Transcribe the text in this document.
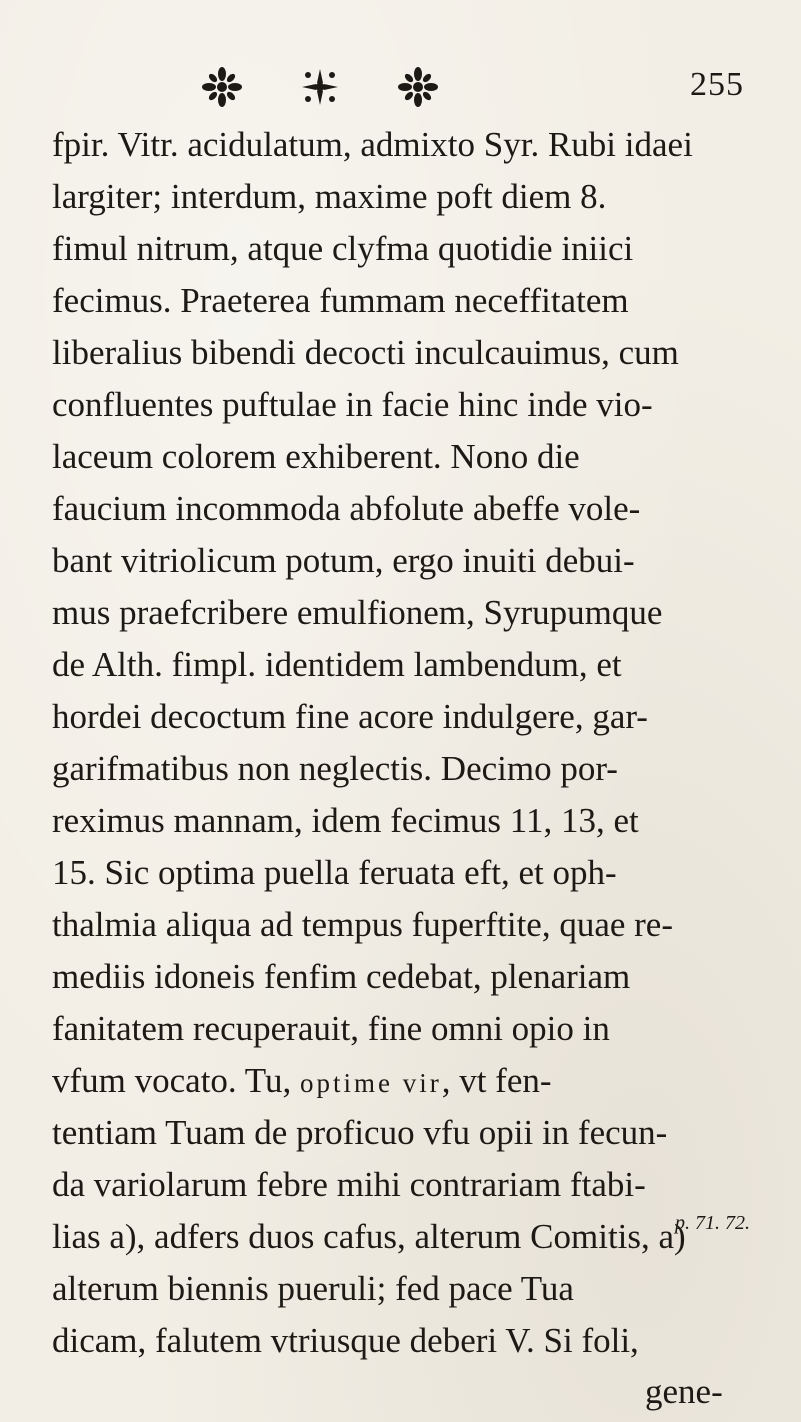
255
fpir. Vitr. acidulatum, admixto Syr. Rubi idaei
largiter; interdum, maxime poft diem 8.
fimul nitrum, atque clyfma quotidie iniici
fecimus. Praeterea fummam neceffitatem
liberalius bibendi decocti inculcauimus, cum
confluentes puftulae in facie hinc inde vio-
laceum colorem exhiberent. Nono die
faucium incommoda abfolute abeffe vole-
bant vitriolicum potum, ergo inuiti debui-
mus praefcribere emulfionem, Syrupumque
de Alth. fimpl. identidem lambendum, et
hordei decoctum fine acore indulgere, gar-
garifmatibus non neglectis. Decimo por-
reximus mannam, idem fecimus 11, 13, et
15. Sic optima puella feruata eft, et oph-
thalmia aliqua ad tempus fuperftite, quae re-
mediis idoneis fenfim cedebat, plenariam
fanitatem recuperauit, fine omni opio in
vfum vocato. Tu, optime vir, vt fen-
tentiam Tuam de proficuo vfu opii in fecun-
da variolarum febre mihi contrariam ftabi-
lias a), adfers duos cafus, alterum Comitis, a)
alterum biennis pueruli; fed pace Tua
dicam, falutem vtriusque deberi V. Si foli,
p. 71. 72.
gene-
